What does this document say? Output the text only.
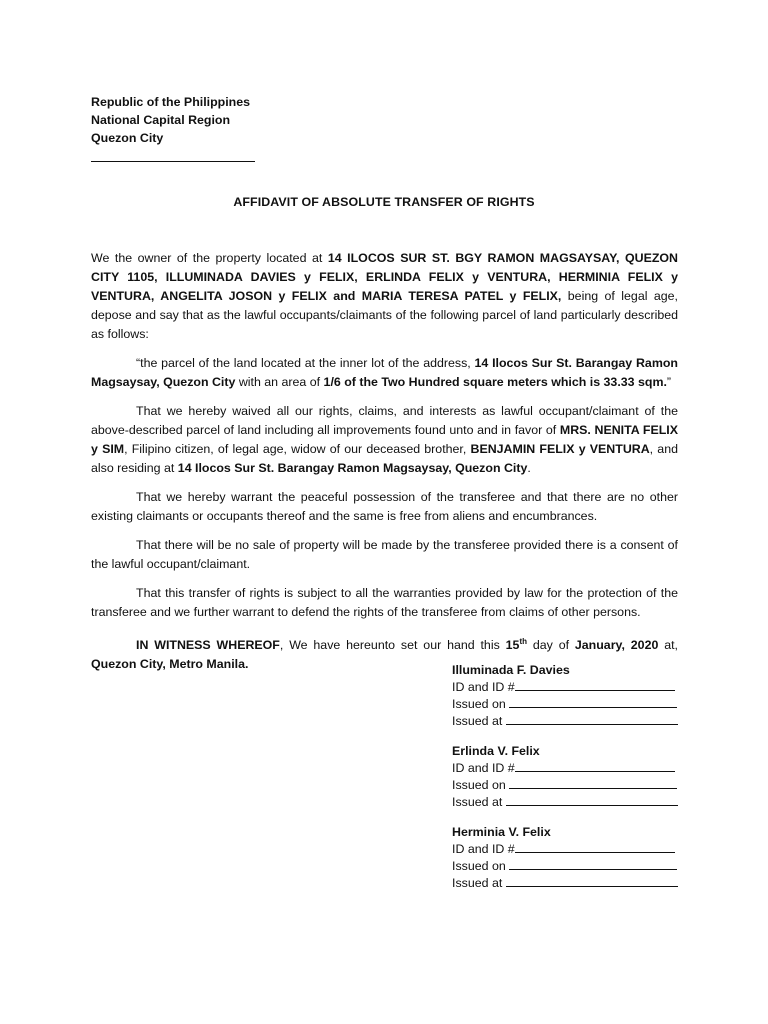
Republic of the Philippines
National Capital Region
Quezon City
AFFIDAVIT OF ABSOLUTE TRANSFER OF RIGHTS

We the owner of the property located at 14 ILOCOS SUR ST. BGY RAMON MAGSAYSAY, QUEZON CITY 1105, ILLUMINADA DAVIES y FELIX, ERLINDA FELIX y VENTURA, HERMINIA FELIX y VENTURA, ANGELITA JOSON y FELIX and MARIA TERESA PATEL y FELIX, being of legal age, depose and say that as the lawful occupants/claimants of the following parcel of land particularly described as follows:

“the parcel of the land located at the inner lot of the address, 14 Ilocos Sur St. Barangay Ramon Magsaysay, Quezon City with an area of 1/6 of the Two Hundred square meters which is 33.33 sqm.”

That we hereby waived all our rights, claims, and interests as lawful occupant/claimant of the above-described parcel of land including all improvements found unto and in favor of MRS. NENITA FELIX y SIM, Filipino citizen, of legal age, widow of our deceased brother, BENJAMIN FELIX y VENTURA, and also residing at 14 Ilocos Sur St. Barangay Ramon Magsaysay, Quezon City.

That we hereby warrant the peaceful possession of the transferee and that there are no other existing claimants or occupants thereof and the same is free from aliens and encumbrances.

That there will be no sale of property will be made by the transferee provided there is a consent of the lawful occupant/claimant.

That this transfer of rights is subject to all the warranties provided by law for the protection of the transferee and we further warrant to defend the rights of the transferee from claims of other persons.

IN WITNESS WHEREOF, We have hereunto set our hand this 15th day of January, 2020 at, Quezon City, Metro Manila.	Illuminada F. Davies
ID and ID #
Issued on
Issued at
Erlinda V. Felix
ID and ID #
Issued on
Issued at
Herminia V. Felix
ID and ID #
Issued on
Issued at
